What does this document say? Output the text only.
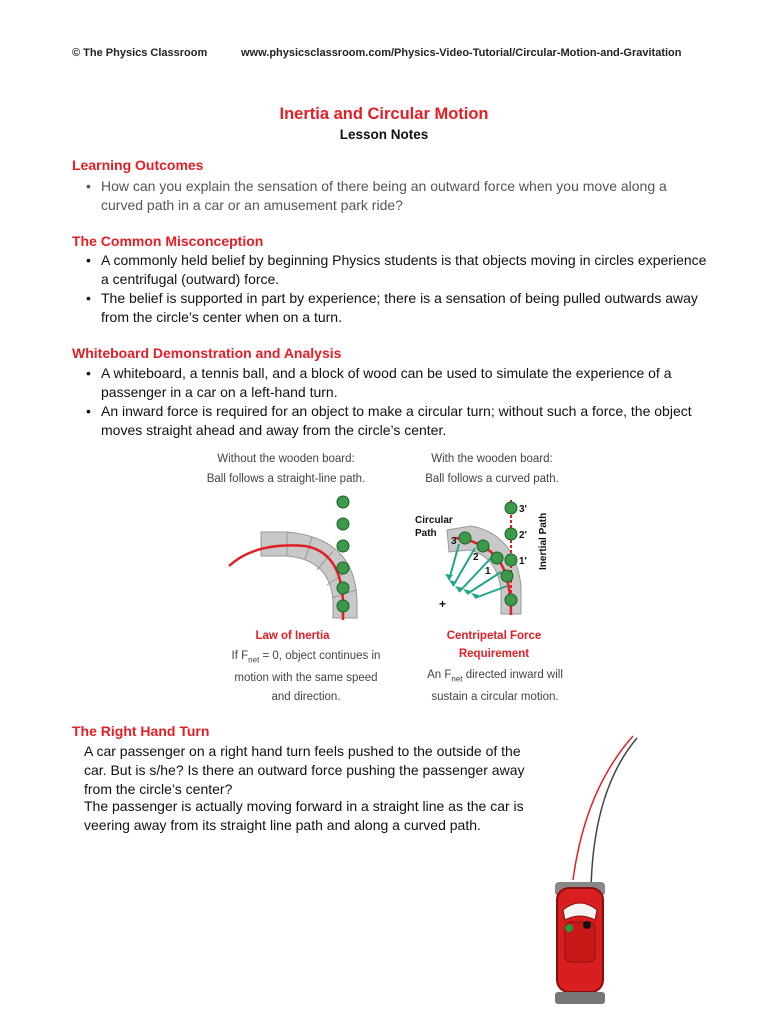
© The Physics Classroom	www.physicsclassroom.com/Physics-Video-Tutorial/Circular-Motion-and-Gravitation
Inertia and Circular Motion
Lesson Notes
Learning Outcomes
• How can you explain the sensation of there being an outward force when you move along a curved path in a car or an amusement park ride?
The Common Misconception
• A commonly held belief by beginning Physics students is that objects moving in circles experience a centrifugal (outward) force.
• The belief is supported in part by experience; there is a sensation of being pulled outwards away from the circle’s center when on a turn.
Whiteboard Demonstration and Analysis
• A whiteboard, a tennis ball, and a block of wood can be used to simulate the experience of a passenger in a car on a left-hand turn.
• An inward force is required for an object to make a circular turn; without such a force, the object moves straight ahead and away from the circle’s center.
Without the wooden board:
Ball follows a straight-line path.
With the wooden board:
Ball follows a curved path.
3'
2'
1'
3
2
1
+
Circular
Path	Inertial Path
Law of Inertia
If $F_{net} = 0$, object continues in
motion with the same speed
and direction.
Centripetal Force
Requirement
An $F_{net}$ directed inward will
sustain a circular motion.
The Right Hand Turn
A car passenger on a right hand turn feels pushed to the outside of the car. But is s/he? Is there an outward force pushing the passenger away from the circle’s center?
The passenger is actually moving forward in a straight line as the car is veering away from its straight line path and along a curved path.
